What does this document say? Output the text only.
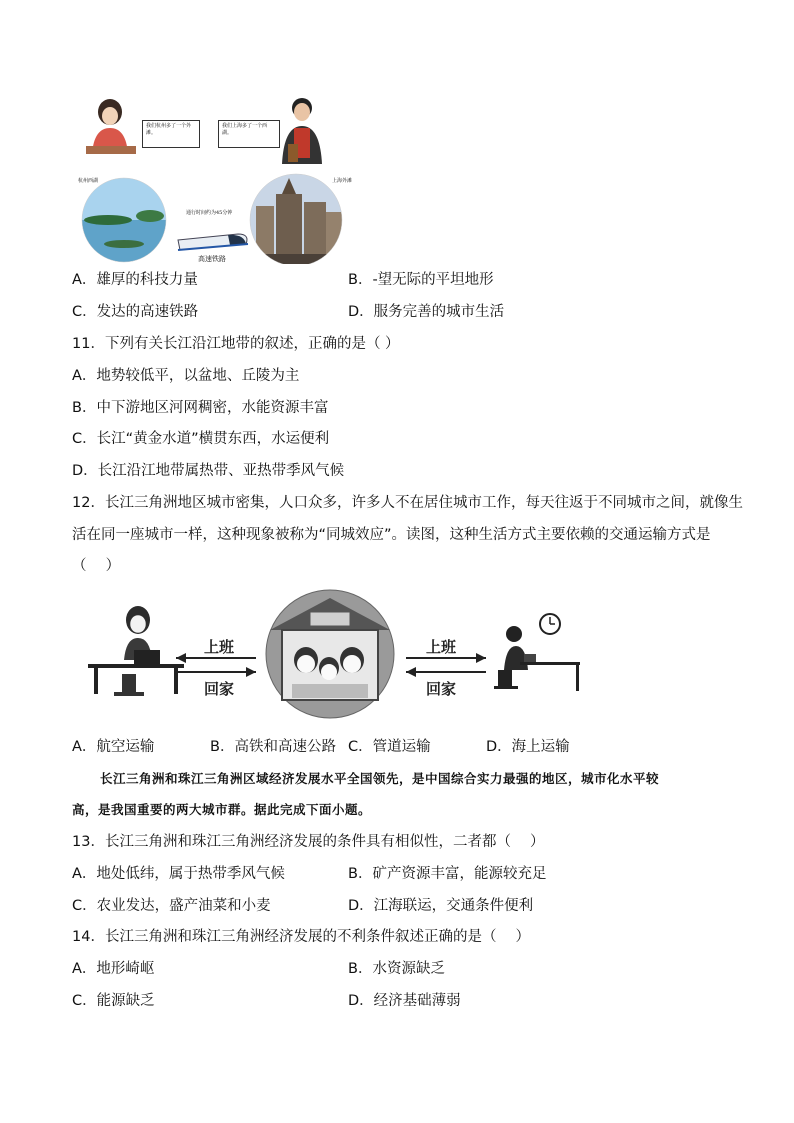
我们杭州多了一个外滩。
我们上海多了一个西湖。
杭州西湖	上海外滩
通行时间约为45分钟
高速铁路
A．雄厚的科技力量	B．-望无际的平坦地形
C．发达的高速铁路	D．服务完善的城市生活
11．下列有关长江沿江地带的叙述，正确的是（ ）
A．地势较低平，以盆地、丘陵为主
B．中下游地区河网稠密，水能资源丰富
C．长江“黄金水道”横贯东西，水运便利
D．长江沿江地带属热带、亚热带季风气候
12．长江三角洲地区城市密集，人口众多，许多人不在居住城市工作，每天往返于不同城市之间，就像生
活在同一座城市一样，这种现象被称为“同城效应”。读图，这种生活方式主要依赖的交通运输方式是
（　 ）
上班
回家
上班
回家
A．航空运输	B．高铁和高速公路 C．管道运输	D．海上运输
长江三角洲和珠江三角洲区域经济发展水平全国领先，是中国综合实力最强的地区，城市化水平较
高，是我国重要的两大城市群。据此完成下面小题。
13．长江三角洲和珠江三角洲经济发展的条件具有相似性，二者都（　 ）
A．地处低纬，属于热带季风气候	B．矿产资源丰富，能源较充足
C．农业发达，盛产油菜和小麦	D．江海联运，交通条件便利
14．长江三角洲和珠江三角洲经济发展的不利条件叙述正确的是（　 ）
A．地形崎岖	B．水资源缺乏
C．能源缺乏	D．经济基础薄弱
